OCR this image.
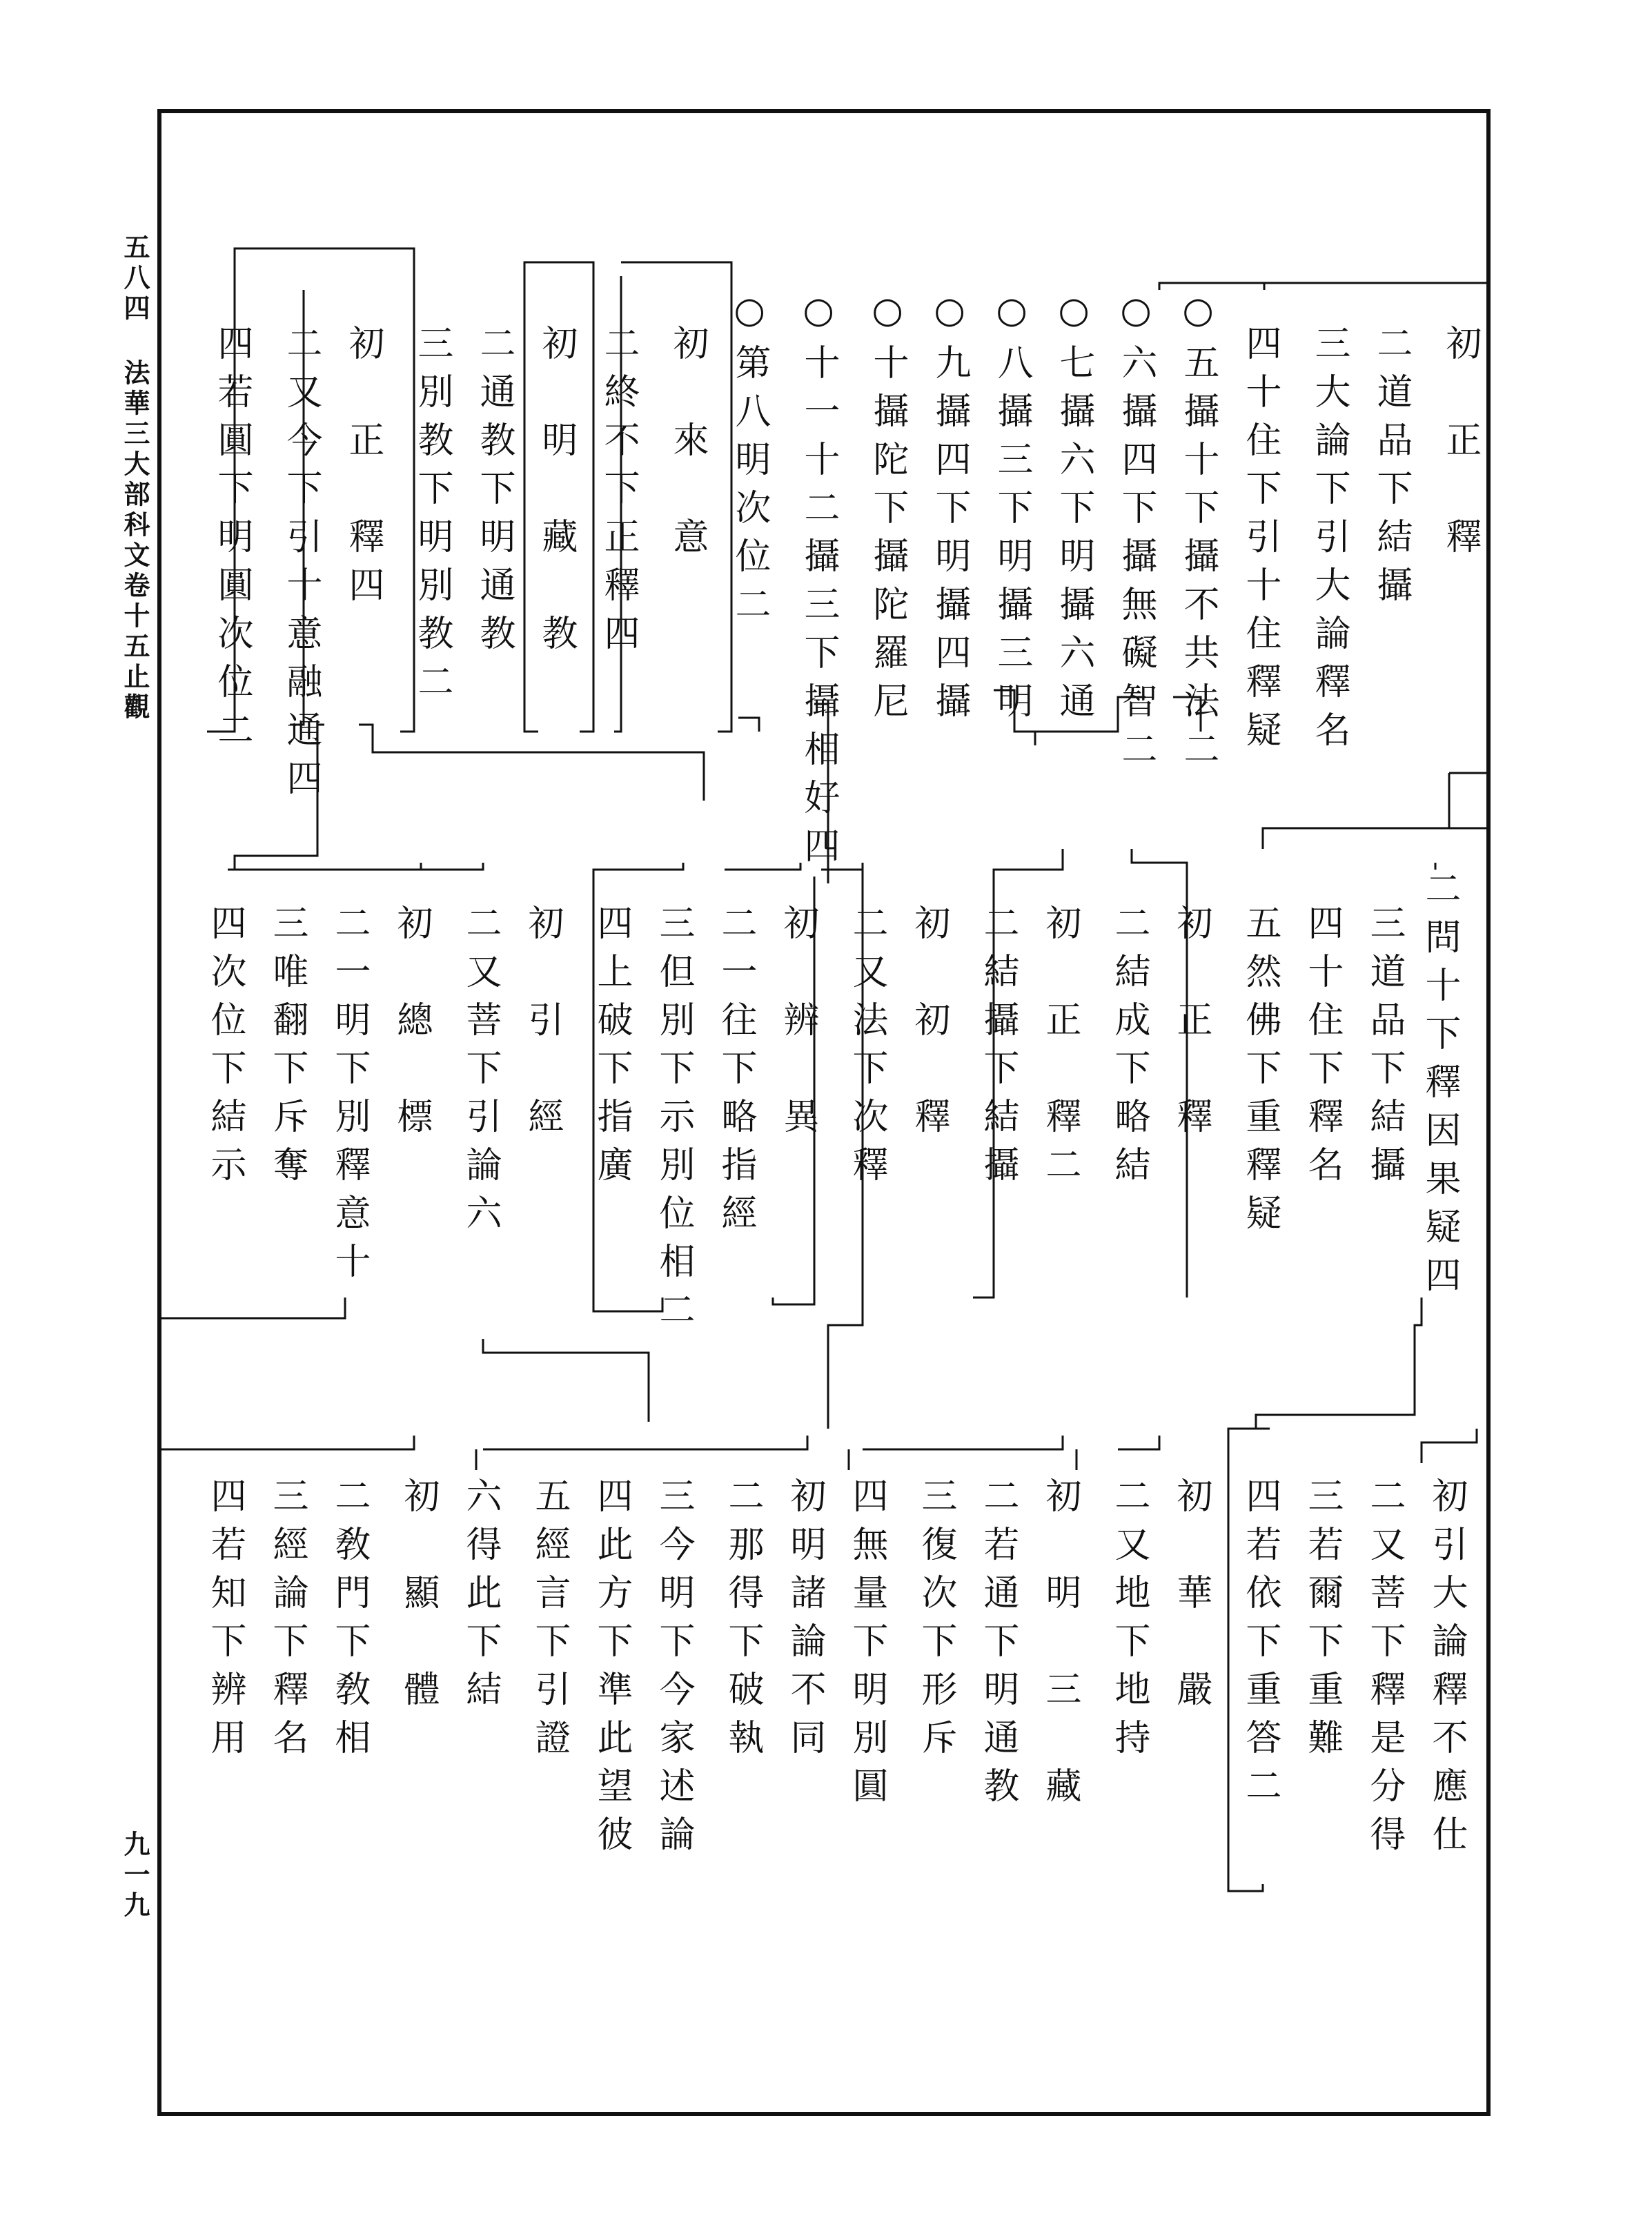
五八四
法華三大部科文卷十五止觀
九一九
初　正　釋
二道品下結攝
三大論下引大論釋名
四十住下引十住釋疑
○五攝十下攝不共法二
○六攝四下攝無礙智二
○七攝六下明攝六通
○八攝三下明攝三明
○九攝四下明攝四攝
○十攝陀下攝陀羅尼
○十一十二攝三下攝相好四
○第八明次位二
初　來　意
二終不下正釋四
初　明　藏　教
二通教下明通教
三別教下明別教二
初　正　釋四
二又今下引十意融通四
四若圓下明圓次位二
二問十下釋因果疑四
三道品下結攝
四十住下釋名
五然佛下重釋疑
初　正　釋
二結成下略結
初　正　釋二
二結攝下結攝
初　初　釋
二又法下次釋
初　辨　異
二一往下略指經
三但別下示別位相二
四上破下指廣
初　引　經
二又菩下引論六
初　總　標
二一明下別釋意十
三唯翻下斥奪
四次位下結示
初引大論釋不應仕
二又菩下釋是分得
三若爾下重難
四若依下重答二
初　華　嚴
二又地下地持
初　明　三　藏
二若通下明通教
三復次下形斥
四無量下明別圓
初明諸論不同
二那得下破執
三今明下今家述論
四此方下準此望彼
五經言下引證
六得此下結
初　顯　體
二敎門下敎相
三經論下釋名
四若知下辨用
